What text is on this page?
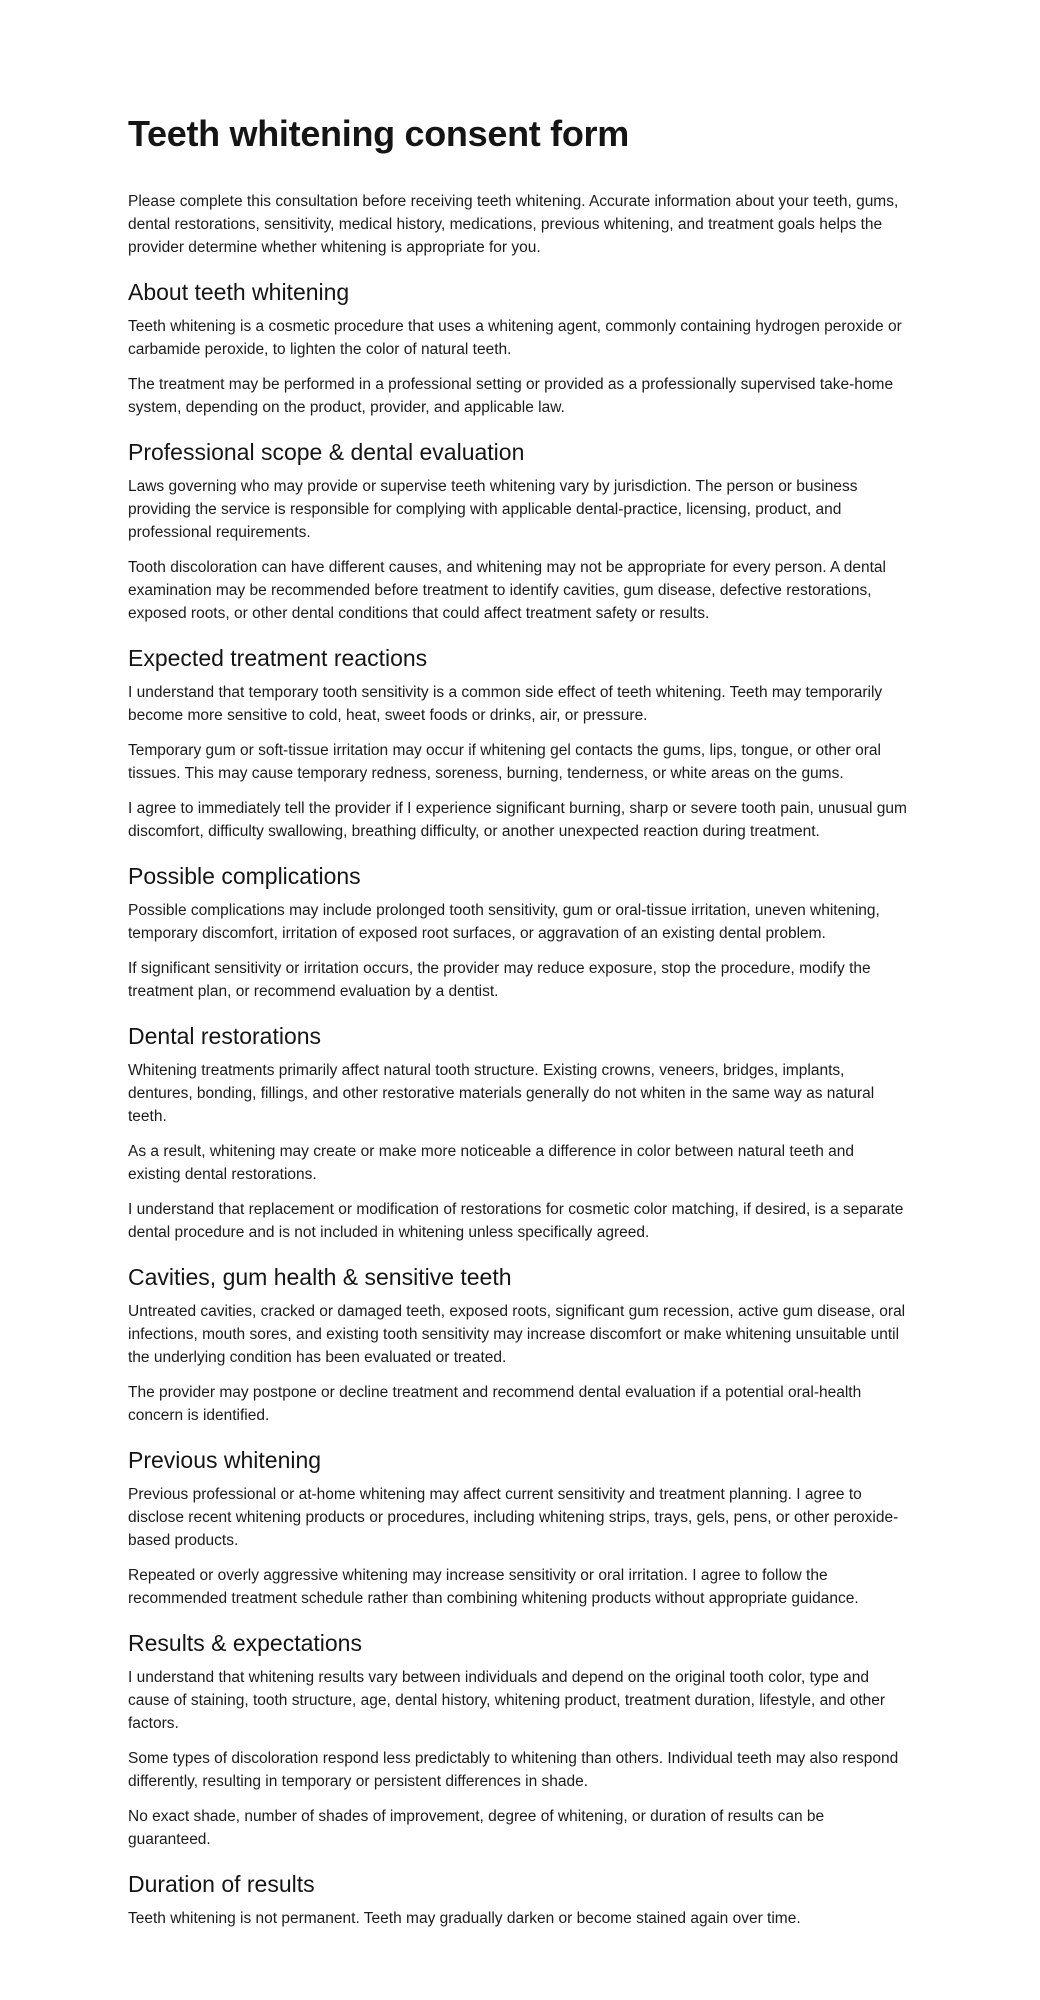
Teeth whitening consent form

Please complete this consultation before receiving teeth whitening. Accurate information about your teeth, gums, dental restorations, sensitivity, medical history, medications, previous whitening, and treatment goals helps the provider determine whether whitening is appropriate for you.

About teeth whitening

Teeth whitening is a cosmetic procedure that uses a whitening agent, commonly containing hydrogen peroxide or carbamide peroxide, to lighten the color of natural teeth.

The treatment may be performed in a professional setting or provided as a professionally supervised take-home system, depending on the product, provider, and applicable law.

Professional scope & dental evaluation

Laws governing who may provide or supervise teeth whitening vary by jurisdiction. The person or business providing the service is responsible for complying with applicable dental-practice, licensing, product, and professional requirements.

Tooth discoloration can have different causes, and whitening may not be appropriate for every person. A dental examination may be recommended before treatment to identify cavities, gum disease, defective restorations, exposed roots, or other dental conditions that could affect treatment safety or results.

Expected treatment reactions

I understand that temporary tooth sensitivity is a common side effect of teeth whitening. Teeth may temporarily become more sensitive to cold, heat, sweet foods or drinks, air, or pressure.

Temporary gum or soft-tissue irritation may occur if whitening gel contacts the gums, lips, tongue, or other oral tissues. This may cause temporary redness, soreness, burning, tenderness, or white areas on the gums.

I agree to immediately tell the provider if I experience significant burning, sharp or severe tooth pain, unusual gum discomfort, difficulty swallowing, breathing difficulty, or another unexpected reaction during treatment.

Possible complications

Possible complications may include prolonged tooth sensitivity, gum or oral-tissue irritation, uneven whitening, temporary discomfort, irritation of exposed root surfaces, or aggravation of an existing dental problem.

If significant sensitivity or irritation occurs, the provider may reduce exposure, stop the procedure, modify the treatment plan, or recommend evaluation by a dentist.

Dental restorations

Whitening treatments primarily affect natural tooth structure. Existing crowns, veneers, bridges, implants, dentures, bonding, fillings, and other restorative materials generally do not whiten in the same way as natural teeth.

As a result, whitening may create or make more noticeable a difference in color between natural teeth and existing dental restorations.

I understand that replacement or modification of restorations for cosmetic color matching, if desired, is a separate dental procedure and is not included in whitening unless specifically agreed.

Cavities, gum health & sensitive teeth

Untreated cavities, cracked or damaged teeth, exposed roots, significant gum recession, active gum disease, oral infections, mouth sores, and existing tooth sensitivity may increase discomfort or make whitening unsuitable until the underlying condition has been evaluated or treated.

The provider may postpone or decline treatment and recommend dental evaluation if a potential oral-health concern is identified.

Previous whitening

Previous professional or at-home whitening may affect current sensitivity and treatment planning. I agree to disclose recent whitening products or procedures, including whitening strips, trays, gels, pens, or other peroxide-based products.

Repeated or overly aggressive whitening may increase sensitivity or oral irritation. I agree to follow the recommended treatment schedule rather than combining whitening products without appropriate guidance.

Results & expectations

I understand that whitening results vary between individuals and depend on the original tooth color, type and cause of staining, tooth structure, age, dental history, whitening product, treatment duration, lifestyle, and other factors.

Some types of discoloration respond less predictably to whitening than others. Individual teeth may also respond differently, resulting in temporary or persistent differences in shade.

No exact shade, number of shades of improvement, degree of whitening, or duration of results can be guaranteed.

Duration of results

Teeth whitening is not permanent. Teeth may gradually darken or become stained again over time.
